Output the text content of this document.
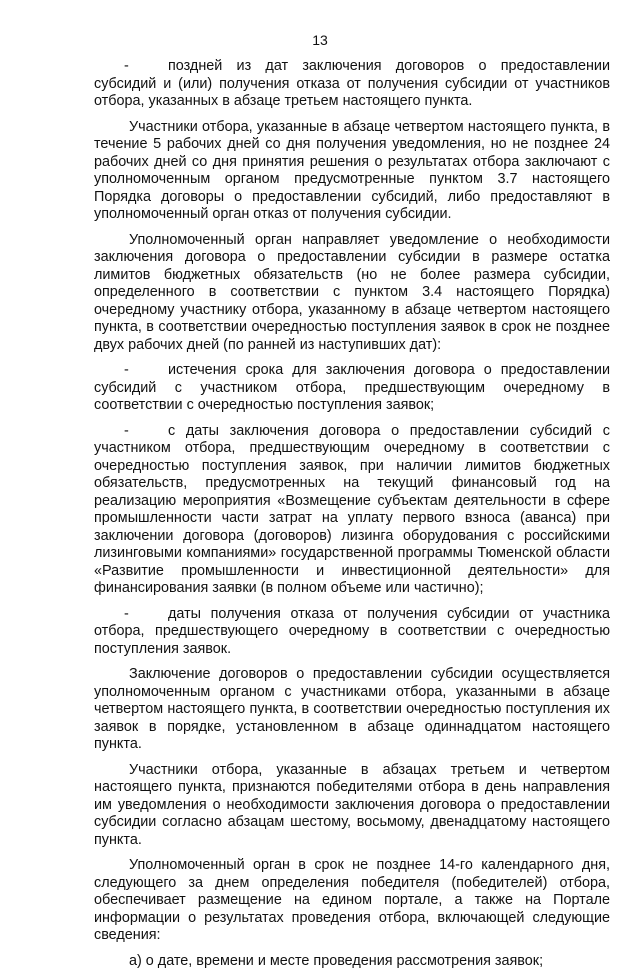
13

-	поздней из дат заключения договоров о предоставлении субсидий и (или) получения отказа от получения субсидии от участников отбора, указанных в абзаце третьем настоящего пункта.

Участники отбора, указанные в абзаце четвертом настоящего пункта, в течение 5 рабочих дней со дня получения уведомления, но не позднее 24 рабочих дней со дня принятия решения о результатах отбора заключают с уполномоченным органом предусмотренные пунктом 3.7 настоящего Порядка договоры о предоставлении субсидий, либо предоставляют в уполномоченный орган отказ от получения субсидии.

Уполномоченный орган направляет уведомление о необходимости заключения договора о предоставлении субсидии в размере остатка лимитов бюджетных обязательств (но не более размера субсидии, определенного в соответствии с пунктом 3.4 настоящего Порядка) очередному участнику отбора, указанному в абзаце четвертом настоящего пункта, в соответствии очередностью поступления заявок в срок не позднее двух рабочих дней (по ранней из наступивших дат):

-	истечения срока для заключения договора о предоставлении субсидий с участником отбора, предшествующим очередному в соответствии с очередностью поступления заявок;

-	с даты заключения договора о предоставлении субсидий с участником отбора, предшествующим очередному в соответствии с очередностью поступления заявок, при наличии лимитов бюджетных обязательств, предусмотренных на текущий финансовый год на реализацию мероприятия «Возмещение субъектам деятельности в сфере промышленности части затрат на уплату первого взноса (аванса) при заключении договора (договоров) лизинга оборудования с российскими лизинговыми компаниями» государственной программы Тюменской области «Развитие промышленности и инвестиционной деятельности» для финансирования заявки (в полном объеме или частично);

-	даты получения отказа от получения субсидии от участника отбора, предшествующего очередному в соответствии с очередностью поступления заявок.

Заключение договоров о предоставлении субсидии осуществляется уполномоченным органом с участниками отбора, указанными в абзаце четвертом настоящего пункта, в соответствии очередностью поступления их заявок в порядке, установленном в абзаце одиннадцатом настоящего пункта.

Участники отбора, указанные в абзацах третьем и четвертом настоящего пункта, признаются победителями отбора в день направления им уведомления о необходимости заключения договора о предоставлении субсидии согласно абзацам шестому, восьмому, двенадцатому настоящего пункта.

Уполномоченный орган в срок не позднее 14-го календарного дня, следующего за днем определения победителя (победителей) отбора, обеспечивает размещение на едином портале, а также на Портале информации о результатах проведения отбора, включающей следующие сведения:

а) о дате, времени и месте проведения рассмотрения заявок;
